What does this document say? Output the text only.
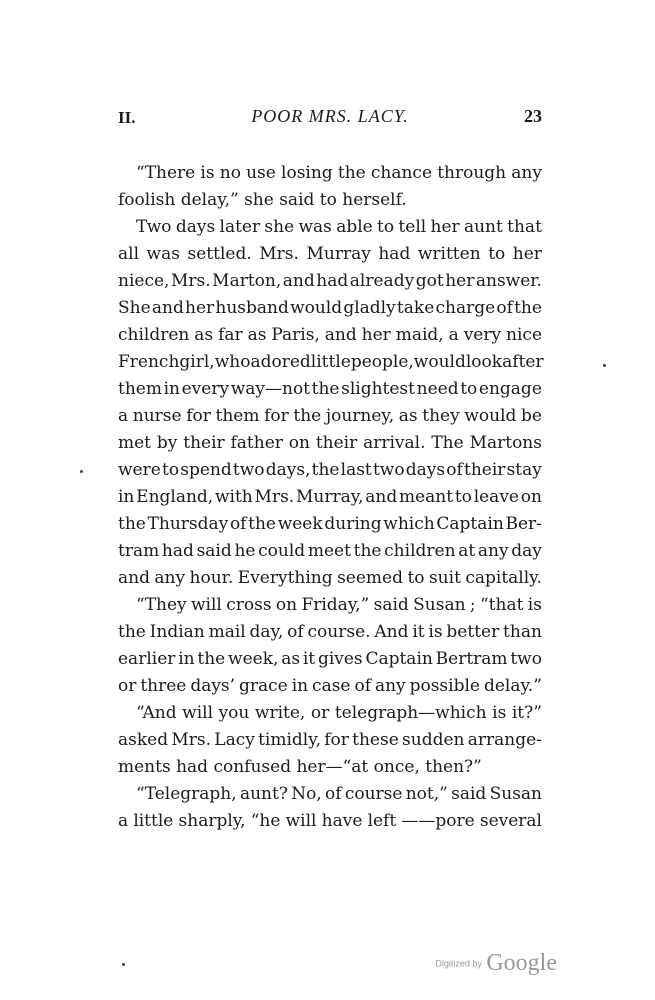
II.	POOR MRS. LACY.	23
“There is no use losing the chance through any
foolish delay,” she said to herself.
Two days later she was able to tell her aunt that
all was settled. Mrs. Murray had written to her
niece, Mrs. Marton, and had already got her answer.
She and her husband would gladly take charge of the
children as far as Paris, and her maid, a very nice
French girl, who adored little people, would look after
them in every way—not the slightest need to engage
a nurse for them for the journey, as they would be
met by their father on their arrival. The Martons
were to spend two days, the last two days of their stay
in England, with Mrs. Murray, and meant to leave on
the Thursday of the week during which Captain Ber-
tram had said he could meet the children at any day
and any hour. Everything seemed to suit capitally.
“They will cross on Friday,” said Susan ; “that is
the Indian mail day, of course. And it is better than
earlier in the week, as it gives Captain Bertram two
or three days’ grace in case of any possible delay.”
“And will you write, or telegraph—which is it?”
asked Mrs. Lacy timidly, for these sudden arrange-
ments had confused her—“at once, then?”
“Telegraph, aunt? No, of course not,” said Susan
a little sharply, “he will have left ——pore several
Digitized by Google
